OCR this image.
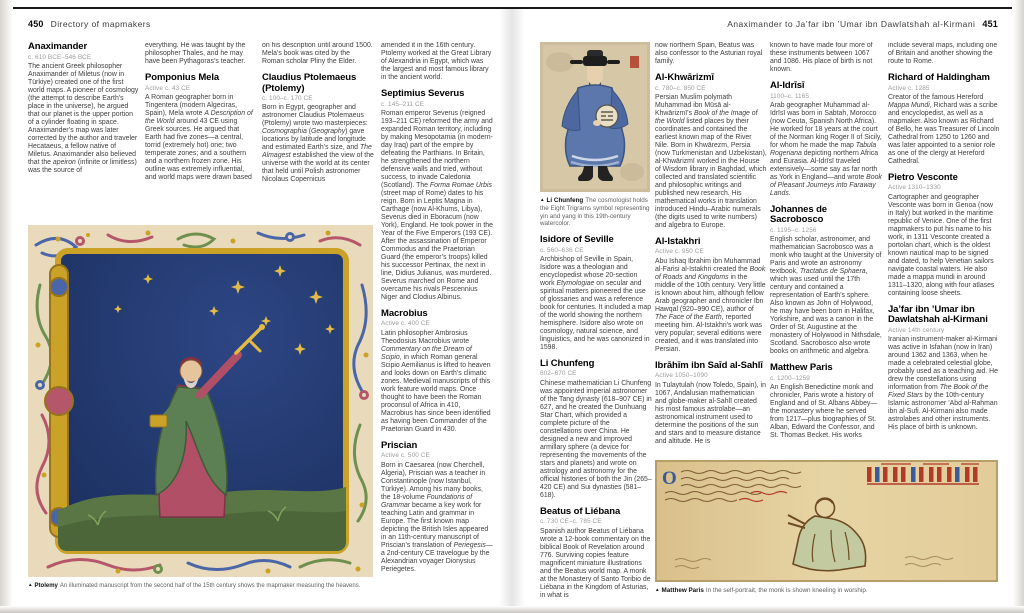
450 Directory of mapmakers	Anaximander to Ja’far ibn ’Umar ibn Dawlatshah al-Kirmani 451
Anaximander
c. 610 BCE–546 BCE

The ancient Greek philosopher Anaximander of Miletus (now in Türkiye) created one of the first world maps. A pioneer of cosmology (the attempt to describe Earth’s place in the universe), he argued that our planet is the upper portion of a cylinder floating in space. Anaximander’s map was later corrected by the author and traveler Hecataeus, a fellow native of Miletus. Anaximander also believed that the apeiron (infinite or limitless) was the source of

everything. He was taught by the philosopher Thales, and he may have been Pythagoras’s teacher.

Pomponius Mela
Active c. 43 CE

A Roman geographer born in Tingentera (modern Algeciras, Spain), Mela wrote A Description of the World around 43 CE using Greek sources. He argued that Earth had five zones—a central, torrid (extremely hot) one; two temperate zones; and a southern and a northern frozen zone. His outline was extremely influential, and world maps were drawn based

on his description until around 1500. Mela’s book was cited by the Roman scholar Pliny the Elder.

Claudius Ptolemaeus (Ptolemy)
c. 100–c. 170 CE

Born in Egypt, geographer and astronomer Claudius Ptolemaeus (Ptolemy) wrote two masterpieces: Cosmographia (Geography) gave locations by latitude and longitude and estimated Earth’s size, and The Almagest established the view of the universe with the world at its center that held until Polish astronomer Nicolaus Copernicus

amended it in the 16th century. Ptolemy worked at the Great Library of Alexandria in Egypt, which was the largest and most famous library in the ancient world.

Septimius Severus
c. 145–211 CE

Roman emperor Severus (reigned 193–211 CE) reformed the army and expanded Roman territory, including by making Mesopotamia (in modern-day Iraq) part of the empire by defeating the Parthians. In Britain, he strengthened the northern defensive walls and tried, without success, to invade Caledonia (Scotland). The Forma Romae Urbis (street map of Rome) dates to his reign. Born in Leptis Magna in Carthage (now Al-Khums, Libya), Severus died in Eboracum (now York), England. He took power in the Year of the Five Emperors (193 CE). After the assassination of Emperor Commodus and the Praetorian Guard (the emperor’s troops) killed his successor Pertinax, the next in line, Didius Julianus, was murdered. Severus marched on Rome and overcame his rivals Pescennius Niger and Clodius Albinus.

Macrobius
Active c. 400 CE

Latin philosopher Ambrosius Theodosius Macrobius wrote Commentary on the Dream of Scipio, in which Roman general Scipio Aemilianus is lifted to heaven and looks down on Earth’s climatic zones. Medieval manuscripts of this work feature world maps. Once thought to have been the Roman proconsul of Africa in 410, Macrobius has since been identified as having been Commander of the Praetorian Guard in 430.

Priscian
Active c. 500 CE

Born in Caesarea (now Cherchell, Algeria), Priscian was a teacher in Constantinople (now Istanbul, Türkiye). Among his many books, the 18-volume Foundations of Grammar became a key work for teaching Latin and grammar in Europe. The first known map depicting the British Isles appeared in an 11th-century manuscript of Priscian’s translation of Periegesis—a 2nd-century CE travelogue by the Alexandrian voyager Dionysius Periegetes.

▲ Ptolemy An illuminated manuscript from the second half of the 15th century shows the mapmaker measuring the heavens.
▲ Li Chunfeng The cosmologist holds the Eight Trigrams symbol representing yin and yang in this 19th-century watercolor.
Isidore of Seville
c. 560–636 CE

Archbishop of Seville in Spain, Isidore was a theologian and encyclopedist whose 20-section work Etymologiae on secular and spiritual matters pioneered the use of glossaries and was a reference book for centuries. It included a map of the world showing the northern hemisphere. Isidore also wrote on cosmology, natural science, and linguistics, and he was canonized in 1598.

Li Chunfeng
602–670 CE

Chinese mathematician Li Chunfeng was appointed imperial astronomer of the Tang dynasty (618–907 CE) in 627, and he created the Dunhuang Star Chart, which provided a complete picture of the constellations over China. He designed a new and improved armillary sphere (a device for representing the movements of the stars and planets) and wrote on astrology and astronomy for the official histories of both the Jin (265–420 CE) and Sui dynasties (581–618).

Beatus of Liébana
c. 730 CE–c. 785 CE

Spanish author Beatus of Liébana wrote a 12-book commentary on the biblical Book of Revelation around 776. Surviving copies feature magnificent miniature illustrations and the Beatus world map. A monk at the Monastery of Santo Toribio de Liébana in the Kingdom of Asturias, in what is

now northern Spain, Beatus was also confessor to the Asturian royal family.

Al-Khwārizmī
c. 780–c. 850 CE

Persian Muslim polymath Muhammad ibn Mūsā al-Khwārizmī’s Book of the Image of the World listed places by their coordinates and contained the earliest known map of the River Nile. Born in Khwārezm, Persia (now Turkmenistan and Uzbekistan), al-Khwārizmī worked in the House of Wisdom library in Baghdad, which collected and translated scientific and philosophic writings and published new research. His mathematical works in translation introduced Hindu–Arabic numerals (the digits used to write numbers) and algebra to Europe.

Al-Istakhri
Active c. 950 CE

Abu Ishaq Ibrahim ibn Muhammad al-Farisi al-Istakhri created the Book of Roads and Kingdoms in the middle of the 10th century. Very little is known about him, although fellow Arab geographer and chronicler Ibn Hawqal (920–990 CE), author of The Face of the Earth, reported meeting him. Al-Istakhri’s work was very popular; several editions were created, and it was translated into Persian.

Ibrāhīm ibn Saīd al-Sahlī
Active 1050–1090

In Tulaytulah (now Toledo, Spain), in 1067, Andalusian mathematician and globe-maker al-Sahlī created his most famous astrolabe—an astronomical instrument used to determine the positions of the sun and stars and to measure distance and altitude. He is

known to have made four more of these instruments between 1067 and 1086. His place of birth is not known.

Al-Idrīsī
1100–c. 1165

Arab geographer Muhammad al-Idrīsī was born in Sabtah, Morocco (now Ceuta, Spanish North Africa). He worked for 18 years at the court of the Norman king Roger II of Sicily, for whom he made the map Tabula Rogeriana depicting northern Africa and Eurasia. Al-Idrīsī traveled extensively—some say as far north as York in England—and wrote Book of Pleasant Journeys into Faraway Lands.

Johannes de Sacrobosco
c. 1195–c. 1256

English scholar, astronomer, and mathematician Sacrobosco was a monk who taught at the University of Paris and wrote an astronomy textbook, Tractatus de Sphaera, which was used until the 17th century and contained a representation of Earth’s sphere. Also known as John of Holywood, he may have been born in Halifax, Yorkshire, and was a canon in the Order of St. Augustine at the monastery of Holywood in Nithsdale, Scotland. Sacrobosco also wrote books on arithmetic and algebra.

Matthew Paris
c. 1200–1259

An English Benedictine monk and chronicler, Paris wrote a history of England and of St. Albans Abbey—the monastery where he served from 1217—plus biographies of St. Alban, Edward the Confessor, and St. Thomas Becket. His works

include several maps, including one of Britain and another showing the route to Rome.

Richard of Haldingham
Active c. 1285

Creator of the famous Hereford Mappa Mundi, Richard was a scribe and encyclopedist, as well as a mapmaker. Also known as Richard of Bello, he was Treasurer of Lincoln Cathedral from 1250 to 1260 and was later appointed to a senior role as one of the clergy at Hereford Cathedral.

Pietro Vesconte
Active 1310–1330

Cartographer and geographer Vesconte was born in Genoa (now in Italy) but worked in the maritime republic of Venice. One of the first mapmakers to put his name to his work, in 1311 Vesconte created a portolan chart, which is the oldest known nautical map to be signed and dated, to help Venetian sailors navigate coastal waters. He also made a mappa mundi in around 1311–1320, along with four atlases containing loose sheets.

Ja’far ibn ’Umar ibn Dawlatshah al-Kirmani
Active 14th century

Iranian instrument-maker al-Kirmani was active in Isfahan (now in Iran) around 1362 and 1363, when he made a celebrated celestial globe, probably used as a teaching aid. He drew the constellations using information from The Book of the Fixed Stars by the 10th-century Islamic astronomer ’Abd al-Rahman ibn al-Sufi. Al-Kirmani also made astrolabes and other instruments. His place of birth is unknown.

O
▲ Matthew Paris In the self-portrait, the monk is shown kneeling in worship.
